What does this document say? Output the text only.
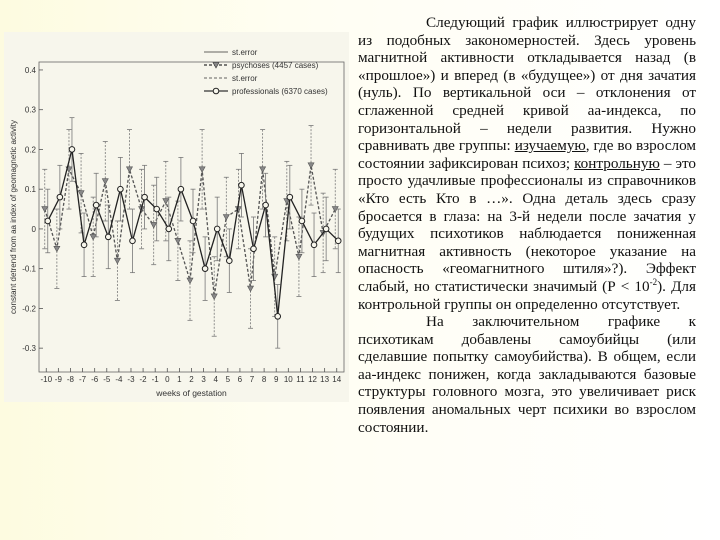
0.4
0.3
0.2
0.1
0
-0.1
-0.2
-0.3
-10 -9 -8 -7 -6 -5 -4 -3 -2 -1 0 1 2 3 4 5 6 7 8 9 10 11 12 13 14
weeks of gestation
constant detrend from aa index of geomagnetic activity
st.error
psychoses (4457 cases)
st.error
professionals (6370 cases)

Следующий график иллюстрирует одну из подобных закономерностей. Здесь уровень магнитной активности откладывается назад (в «прошлое») и вперед (в «будущее») от дня зачатия (нуль). По вертикальной оси – отклонения от сглаженной средней кривой аа-индекса, по горизонтальной – недели развития. Нужно сравнивать две группы: изучаемую, где во взрослом состоянии зафиксирован психоз; контрольную – это просто удачливые профессионалы из справочников «Кто есть Кто в …». Одна деталь здесь сразу бросается в глаза: на 3-й недели после зачатия у будущих психотиков наблюдается пониженная магнитная активность (некоторое указание на опасность «геомагнитного штиля»?). Эффект слабый, но статистически значимый $(Р < 10^{-2})$. Для контрольной группы он определенно отсутствует.

На заключительном графике к психотикам добавлены самоубийцы (или сделавшие попытку самоубийства). В общем, если аа-индекс понижен, когда закладываются базовые структуры головного мозга, это увеличивает риск появления аномальных черт психики во взрослом состоянии.
